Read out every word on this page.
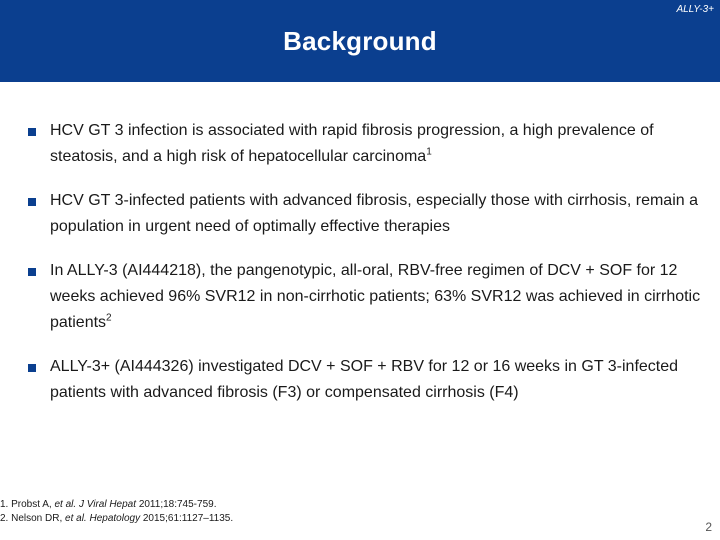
ALLY-3+
Background
HCV GT 3 infection is associated with rapid fibrosis progression, a high prevalence of steatosis, and a high risk of hepatocellular carcinoma$^1$
HCV GT 3-infected patients with advanced fibrosis, especially those with cirrhosis, remain a population in urgent need of optimally effective therapies
In ALLY-3 (AI444218), the pangenotypic, all-oral, RBV-free regimen of DCV + SOF for 12 weeks achieved 96% SVR12 in non-cirrhotic patients; 63% SVR12 was achieved in cirrhotic patients$^2$
ALLY-3+ (AI444326) investigated DCV + SOF + RBV for 12 or 16 weeks in GT 3-infected patients with advanced fibrosis (F3) or compensated cirrhosis (F4)
1. Probst A, et al. J Viral Hepat 2011;18:745-759.
2. Nelson DR, et al. Hepatology 2015;61:1127–1135.
2
